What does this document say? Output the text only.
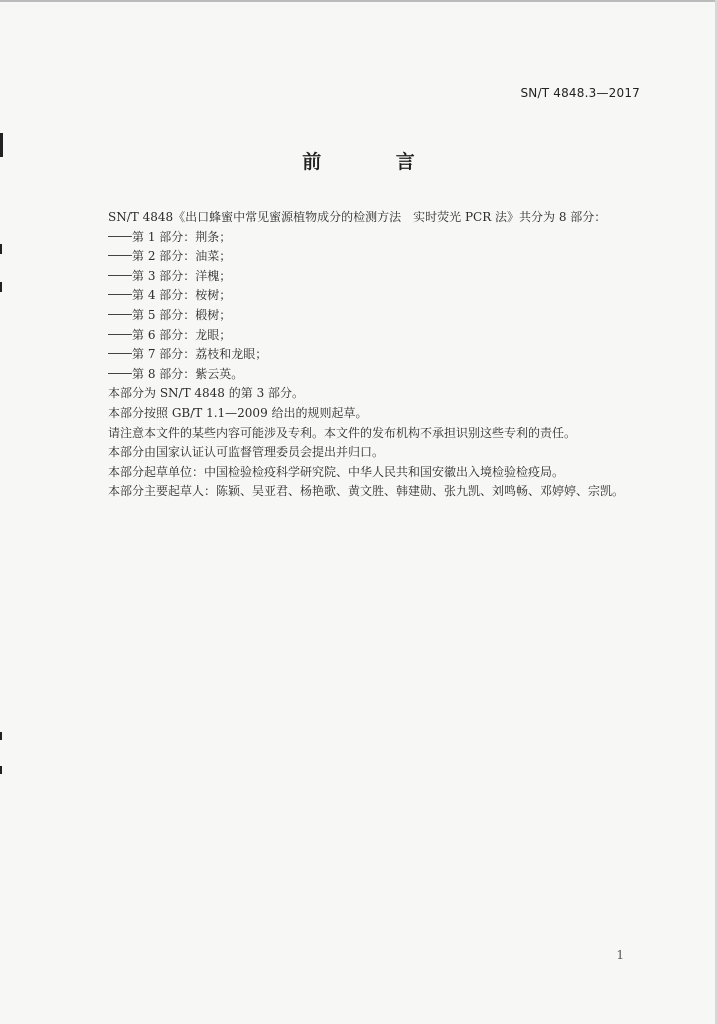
SN/T 4848.3—2017
前 言
SN/T 4848《出口蜂蜜中常见蜜源植物成分的检测方法　实时荧光 PCR 法》共分为 8 部分：
第 1 部分：荆条；
第 2 部分：油菜；
第 3 部分：洋槐；
第 4 部分：桉树；
第 5 部分：椴树；
第 6 部分：龙眼；
第 7 部分：荔枝和龙眼；
第 8 部分：紫云英。
本部分为 SN/T 4848 的第 3 部分。
本部分按照 GB/T 1.1—2009 给出的规则起草。
请注意本文件的某些内容可能涉及专利。本文件的发布机构不承担识别这些专利的责任。
本部分由国家认证认可监督管理委员会提出并归口。
本部分起草单位：中国检验检疫科学研究院、中华人民共和国安徽出入境检验检疫局。
本部分主要起草人：陈颖、吴亚君、杨艳歌、黄文胜、韩建勋、张九凯、刘鸣畅、邓婷婷、宗凯。
1
